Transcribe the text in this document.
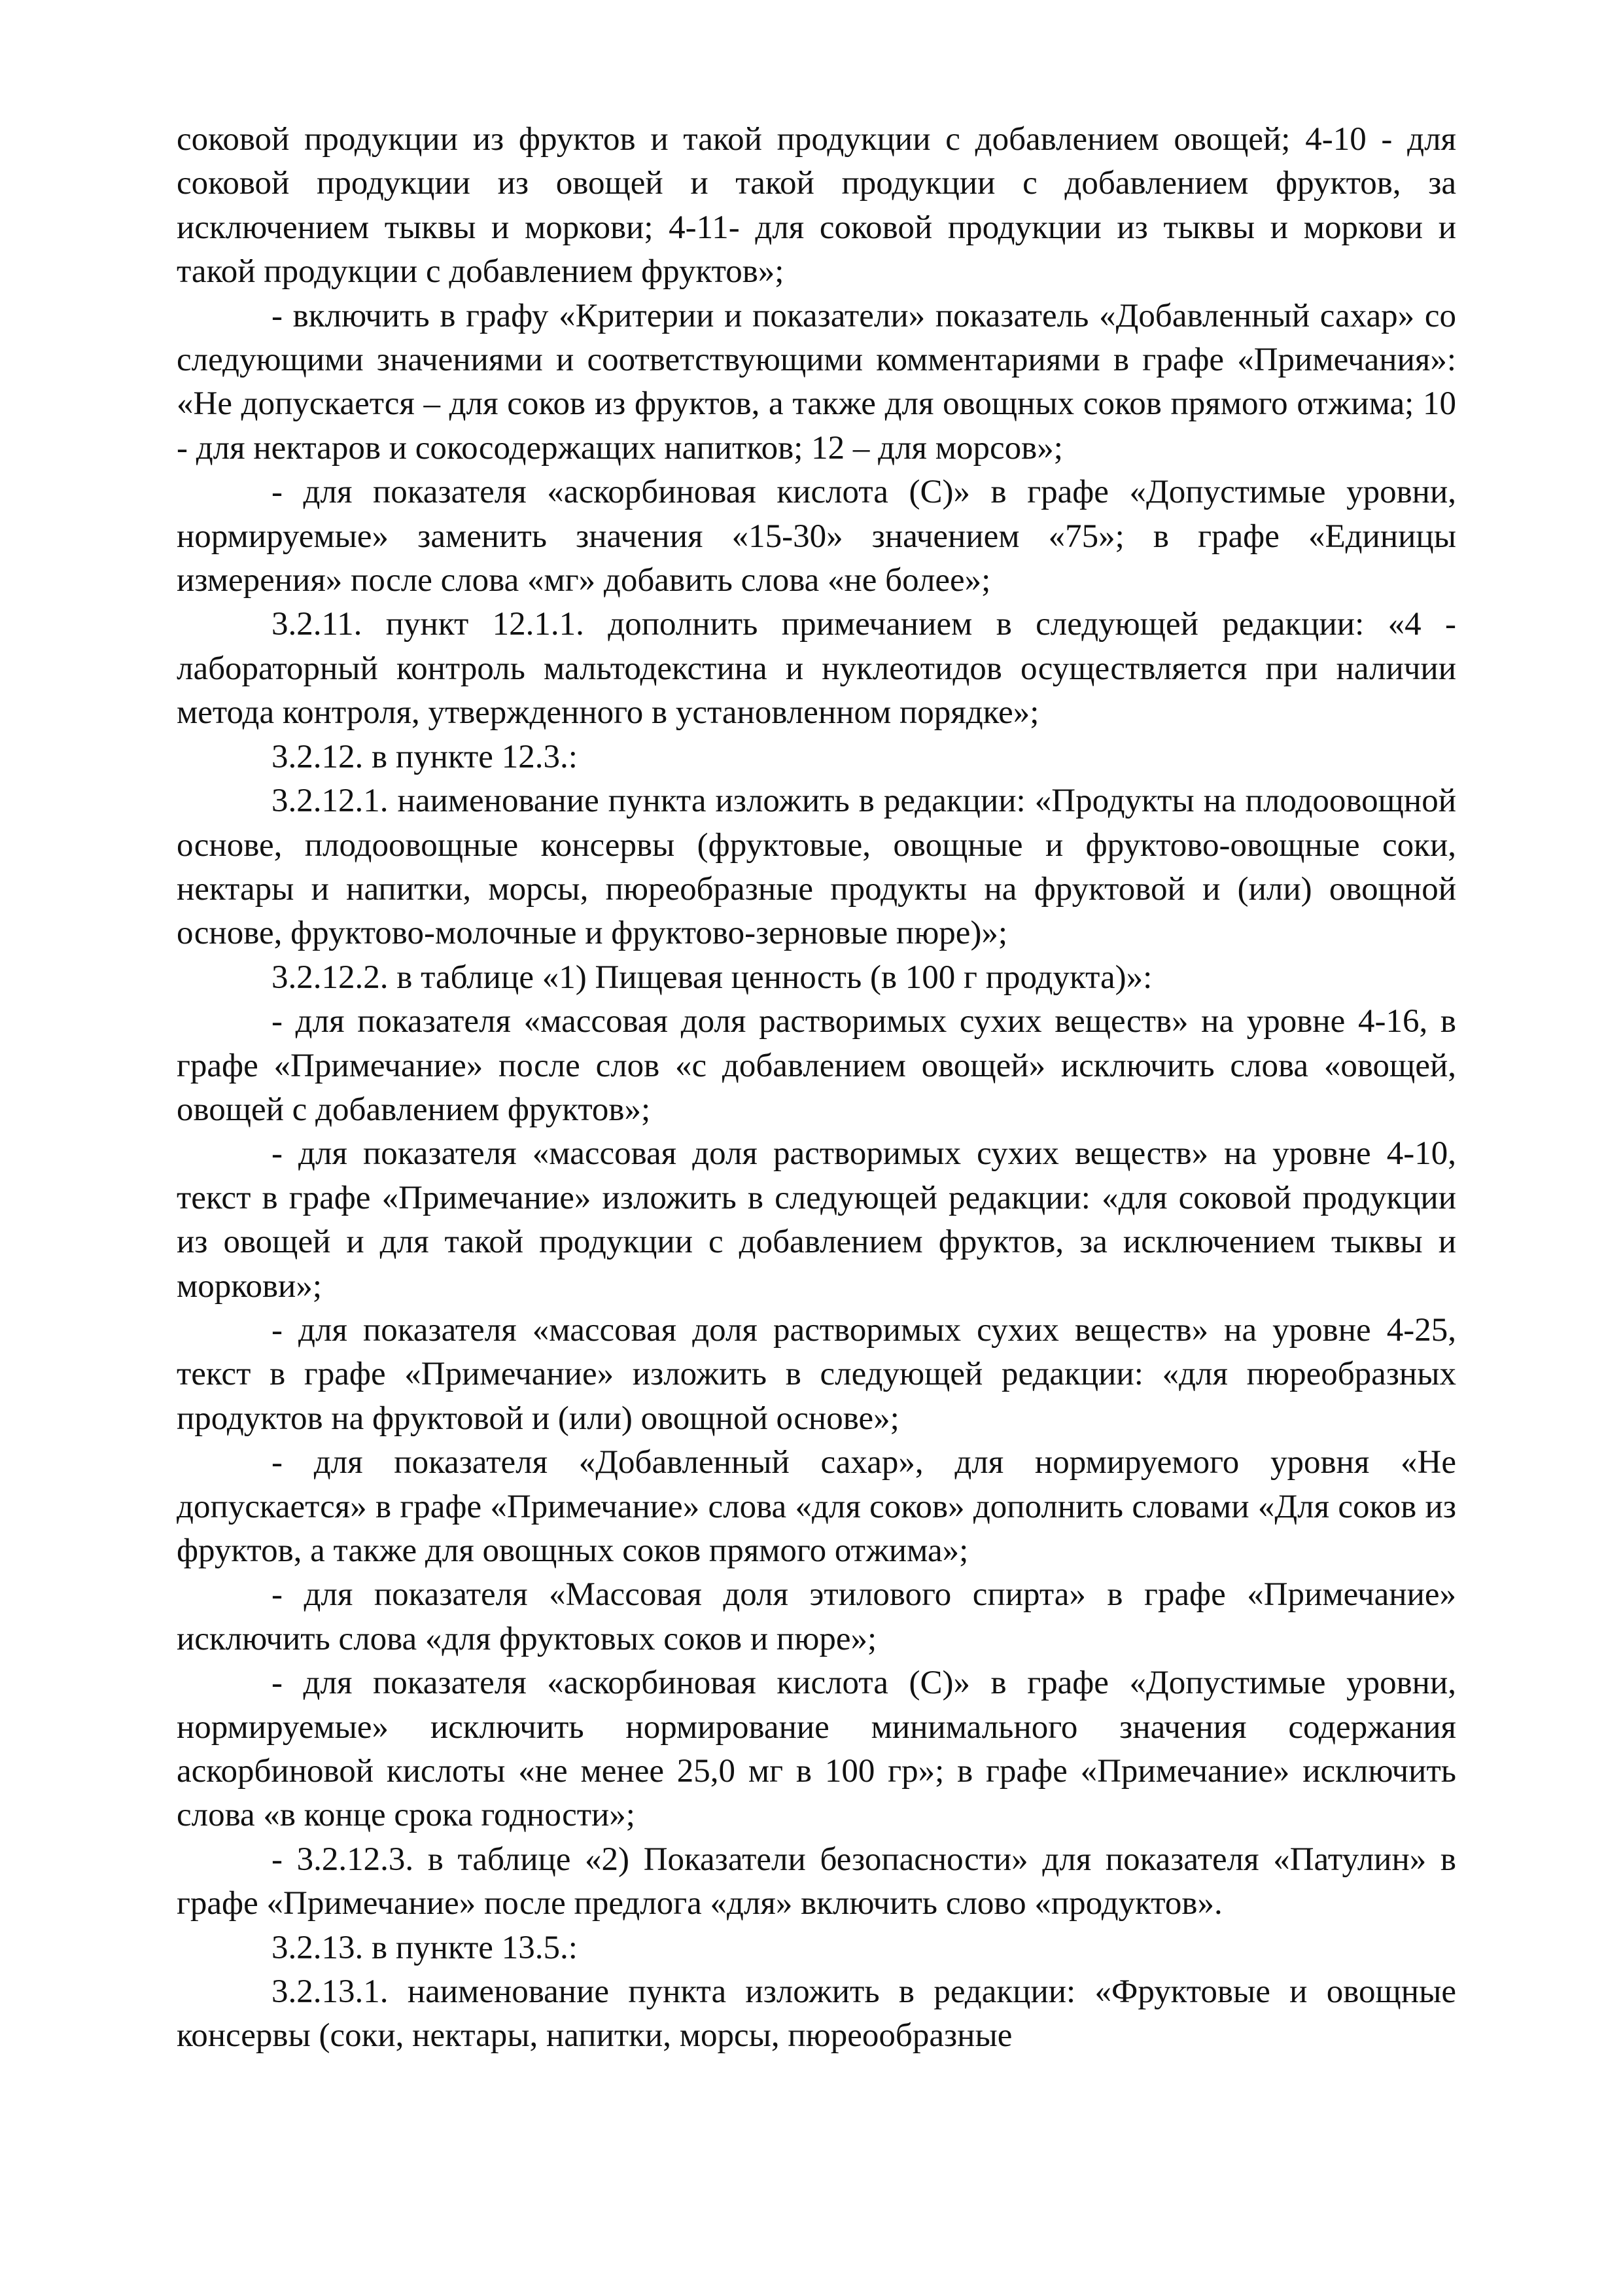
соковой продукции из фруктов и такой продукции с добавлением овощей; 4-10 - для соковой продукции из овощей и такой продукции с добавлением фруктов, за исключением тыквы и моркови; 4-11- для соковой продукции из тыквы и моркови и такой продукции с добавлением фруктов»;

- включить в графу «Критерии и показатели» показатель «Добавленный сахар» со следующими значениями и соответствующими комментариями в графе «Примечания»: «Не допускается – для соков из фруктов, а также для овощных соков прямого отжима; 10 - для нектаров и сокосодержащих напитков; 12 – для морсов»;

- для показателя «аскорбиновая кислота (С)» в графе «Допустимые уровни, нормируемые» заменить значения «15-30» значением «75»; в графе «Единицы измерения» после слова «мг» добавить слова «не более»;

3.2.11. пункт 12.1.1. дополнить примечанием в следующей редакции: «4 - лабораторный контроль мальтодекстина и нуклеотидов осуществляется при наличии метода контроля, утвержденного в установленном порядке»;

3.2.12. в пункте 12.3.:

3.2.12.1. наименование пункта изложить в редакции: «Продукты на плодоовощной основе, плодоовощные консервы (фруктовые, овощные и фруктово-овощные соки, нектары и напитки, морсы, пюреобразные продукты на фруктовой и (или) овощной основе, фруктово-молочные и фруктово-зерновые пюре)»;

3.2.12.2. в таблице «1) Пищевая ценность (в 100 г продукта)»:

- для показателя «массовая доля растворимых сухих веществ» на уровне 4-16, в графе «Примечание» после слов «с добавлением овощей» исключить слова «овощей, овощей с добавлением фруктов»;

- для показателя «массовая доля растворимых сухих веществ» на уровне 4-10, текст в графе «Примечание» изложить в следующей редакции: «для соковой продукции из овощей и для такой продукции с добавлением фруктов, за исключением тыквы и моркови»;

- для показателя «массовая доля растворимых сухих веществ» на уровне 4-25, текст в графе «Примечание» изложить в следующей редакции: «для пюреобразных продуктов на фруктовой и (или) овощной основе»;

- для показателя «Добавленный сахар», для нормируемого уровня «Не допускается» в графе «Примечание» слова «для соков» дополнить словами «Для соков из фруктов, а также для овощных соков прямого отжима»;

- для показателя «Массовая доля этилового спирта» в графе «Примечание» исключить слова «для фруктовых соков и пюре»;

- для показателя «аскорбиновая кислота (С)» в графе «Допустимые уровни, нормируемые» исключить нормирование минимального значения содержания аскорбиновой кислоты «не менее 25,0 мг в 100 гр»; в графе «Примечание» исключить слова «в конце срока годности»;

- 3.2.12.3. в таблице «2) Показатели безопасности» для показателя «Патулин» в графе «Примечание» после предлога «для» включить слово «продуктов».

3.2.13. в пункте 13.5.:

3.2.13.1. наименование пункта изложить в редакции: «Фруктовые и овощные консервы (соки, нектары, напитки, морсы, пюреообразные
